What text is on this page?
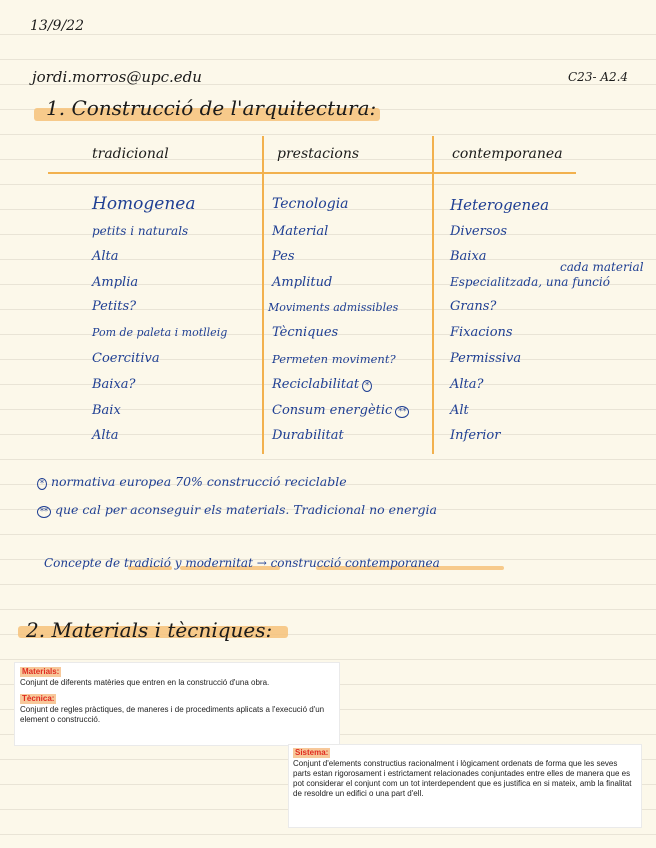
13/9/22
jordi.morros@upc.edu	C23- A2.4
1. Construcció de l'arquitectura:
tradicional	prestacions	contemporanea
Homogenea	Tecnologia	Heterogenea
petits i naturals	Material	Diversos
Alta	Pes	Baixa
cada material
Amplia	Amplitud	Especialitzada, una funció
Petits?	Moviments admissibles	Grans?
Pom de paleta i motlleig	Tècniques	Fixacions
Coercitiva	Permeten moviment?	Permissiva
Baixa?	Reciclabilitat *	Alta?
Baix	Consum energètic **	Alt
Alta	Durabilitat	Inferior
* normativa europea 70% construcció reciclable
** que cal per aconseguir els materials. Tradicional no energia
Concepte de tradició y modernitat → construcció contemporanea
2. Materials i tècniques:
Materials:

Conjunt de diferents matèries que entren en la construcció d'una obra.

Tècnica:

Conjunt de regles pràctiques, de maneres i de procediments aplicats a l'execució d'un element o construcció.

Sistema:

Conjunt d'elements constructius racionalment i lògicament ordenats de forma que les seves parts estan rigorosament i estrictament relacionades conjuntades entre elles de manera que es pot considerar el conjunt com un tot interdependent que es justifica en si mateix, amb la finalitat de resoldre un edifici o una part d'ell.
